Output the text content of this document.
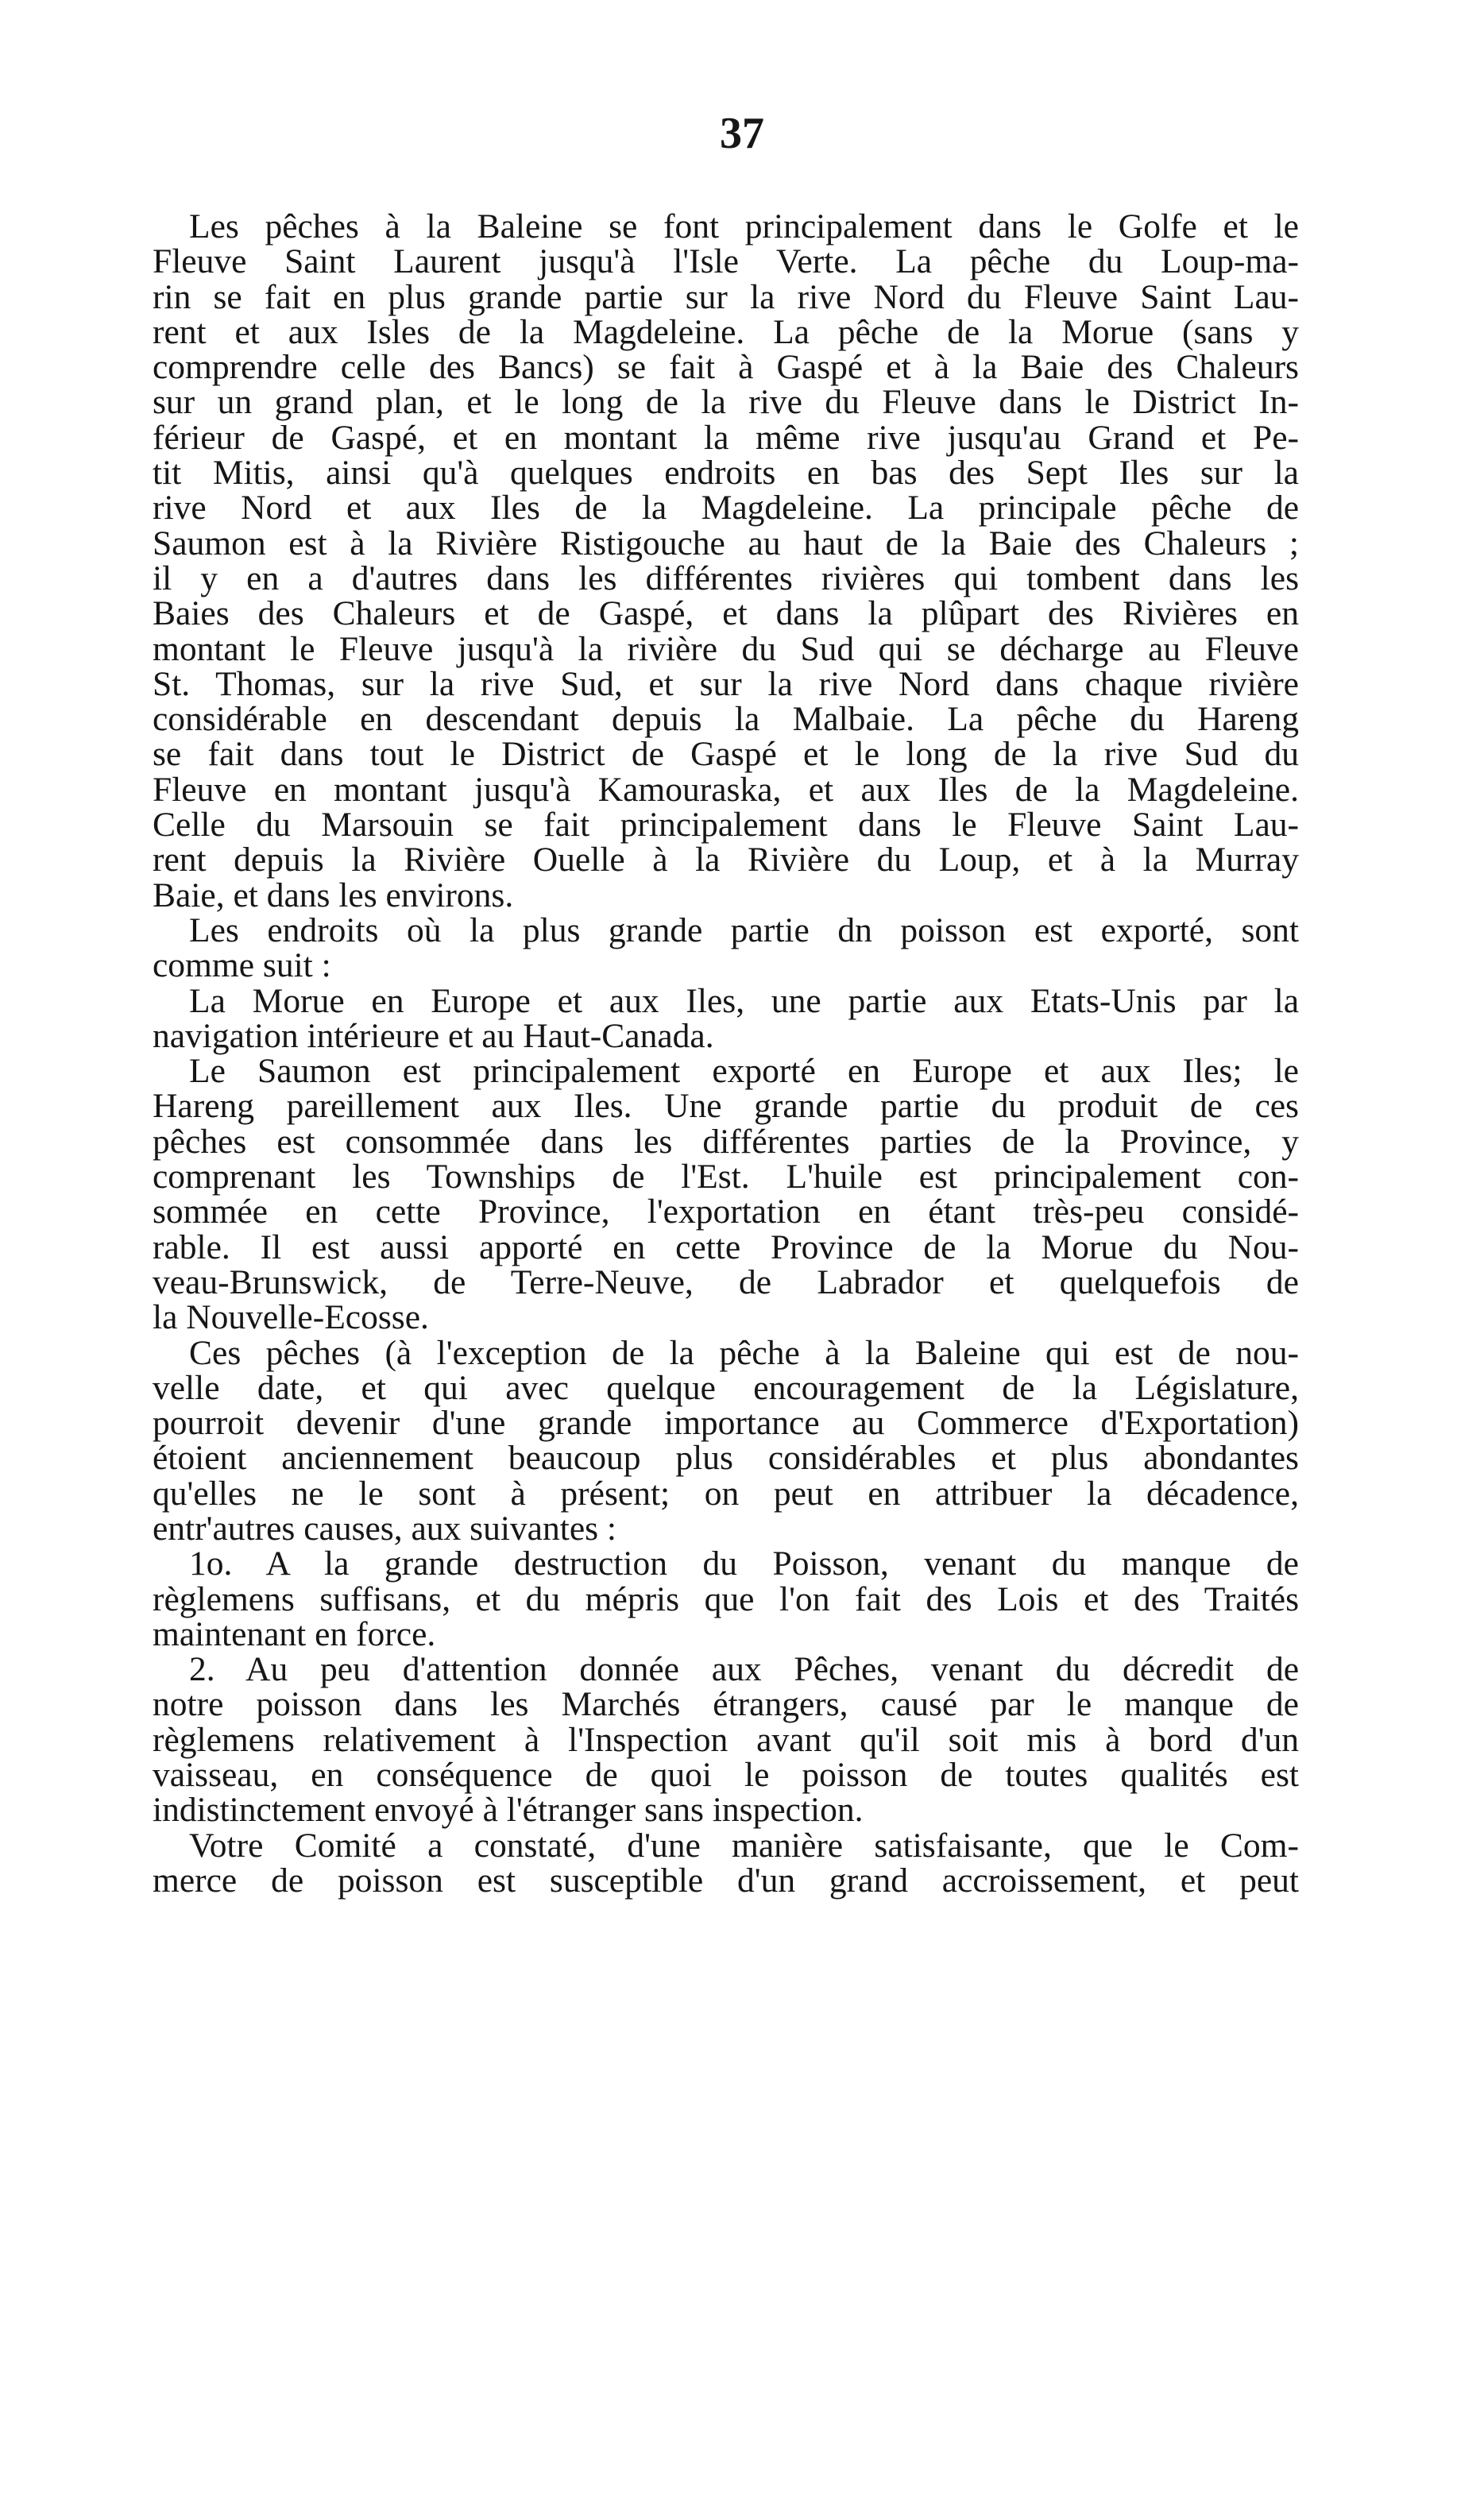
37
Les pêches à la Baleine se font principalement dans le Golfe et le
Fleuve Saint Laurent jusqu'à l'Isle Verte. La pêche du Loup-ma-
rin se fait en plus grande partie sur la rive Nord du Fleuve Saint Lau-
rent et aux Isles de la Magdeleine. La pêche de la Morue (sans y
comprendre celle des Bancs) se fait à Gaspé et à la Baie des Chaleurs
sur un grand plan, et le long de la rive du Fleuve dans le District In-
férieur de Gaspé, et en montant la même rive jusqu'au Grand et Pe-
tit Mitis, ainsi qu'à quelques endroits en bas des Sept Iles sur la
rive Nord et aux Iles de la Magdeleine. La principale pêche de
Saumon est à la Rivière Ristigouche au haut de la Baie des Chaleurs ;
il y en a d'autres dans les différentes rivières qui tombent dans les
Baies des Chaleurs et de Gaspé, et dans la plûpart des Rivières en
montant le Fleuve jusqu'à la rivière du Sud qui se décharge au Fleuve
St. Thomas, sur la rive Sud, et sur la rive Nord dans chaque rivière
considérable en descendant depuis la Malbaie. La pêche du Hareng
se fait dans tout le District de Gaspé et le long de la rive Sud du
Fleuve en montant jusqu'à Kamouraska, et aux Iles de la Magdeleine.
Celle du Marsouin se fait principalement dans le Fleuve Saint Lau-
rent depuis la Rivière Ouelle à la Rivière du Loup, et à la Murray
Baie, et dans les environs.
Les endroits où la plus grande partie dn poisson est exporté, sont
comme suit :
La Morue en Europe et aux Iles, une partie aux Etats-Unis par la
navigation intérieure et au Haut-Canada.
Le Saumon est principalement exporté en Europe et aux Iles; le
Hareng pareillement aux Iles. Une grande partie du produit de ces
pêches est consommée dans les différentes parties de la Province, y
comprenant les Townships de l'Est. L'huile est principalement con-
sommée en cette Province, l'exportation en étant très-peu considé-
rable. Il est aussi apporté en cette Province de la Morue du Nou-
veau-Brunswick, de Terre-Neuve, de Labrador et quelquefois de
la Nouvelle-Ecosse.
Ces pêches (à l'exception de la pêche à la Baleine qui est de nou-
velle date, et qui avec quelque encouragement de la Législature,
pourroit devenir d'une grande importance au Commerce d'Exportation)
étoient anciennement beaucoup plus considérables et plus abondantes
qu'elles ne le sont à présent; on peut en attribuer la décadence,
entr'autres causes, aux suivantes :
1o. A la grande destruction du Poisson, venant du manque de
règlemens suffisans, et du mépris que l'on fait des Lois et des Traités
maintenant en force.
2. Au peu d'attention donnée aux Pêches, venant du décredit de
notre poisson dans les Marchés étrangers, causé par le manque de
règlemens relativement à l'Inspection avant qu'il soit mis à bord d'un
vaisseau, en conséquence de quoi le poisson de toutes qualités est
indistinctement envoyé à l'étranger sans inspection.
Votre Comité a constaté, d'une manière satisfaisante, que le Com-
merce de poisson est susceptible d'un grand accroissement, et peut
